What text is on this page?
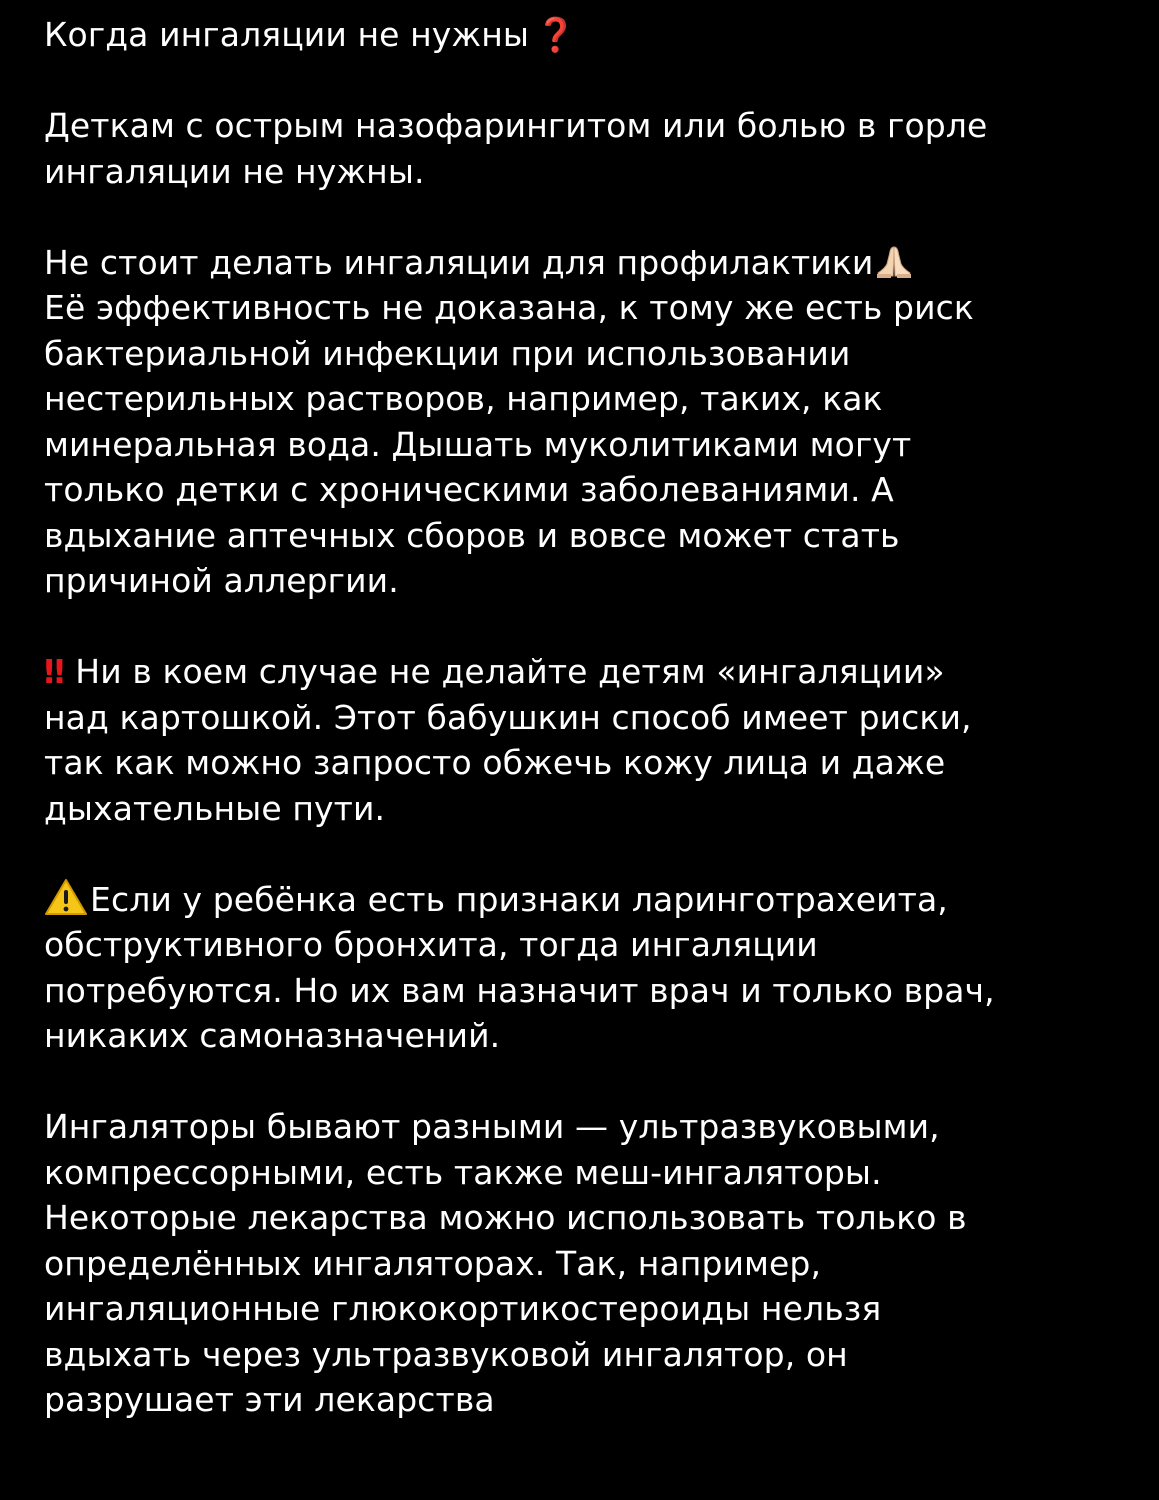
Когда ингаляции не нужны ❓
Деткам с острым назофарингитом или болью в горле
ингаляции не нужны.
Не стоит делать ингаляции для профилактики
Её эффективность не доказана, к тому же есть риск
бактериальной инфекции при использовании
нестерильных растворов, например, таких, как
минеральная вода. Дышать муколитиками могут
только детки с хроническими заболеваниями. А
вдыхание аптечных сборов и вовсе может стать
причиной аллергии.
‼ Ни в коем случае не делайте детям «ингаляции»
над картошкой. Этот бабушкин способ имеет риски,
так как можно запросто обжечь кожу лица и даже
дыхательные пути.
Если у ребёнка есть признаки ларинготрахеита,
обструктивного бронхита, тогда ингаляции
потребуются. Но их вам назначит врач и только врач,
никаких самоназначений.
Ингаляторы бывают разными — ультразвуковыми,
компрессорными, есть также меш-ингаляторы.
Некоторые лекарства можно использовать только в
определённых ингаляторах. Так, например,
ингаляционные глюкокортикостероиды нельзя
вдыхать через ультразвуковой ингалятор, он
разрушает эти лекарства
